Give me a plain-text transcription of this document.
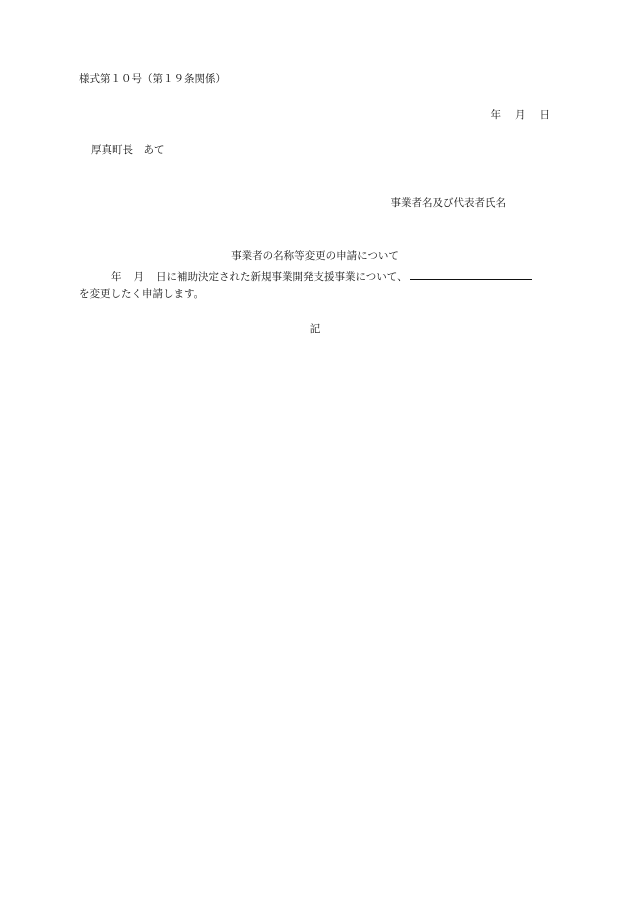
様式第１０号（第１９条関係）
年 月 日
厚真町長　あて
事業者名及び代表者氏名
事業者の名称等変更の申請について
年 月 日に補助決定された新規事業開発支援事業について、
を変更したく申請します。
記
